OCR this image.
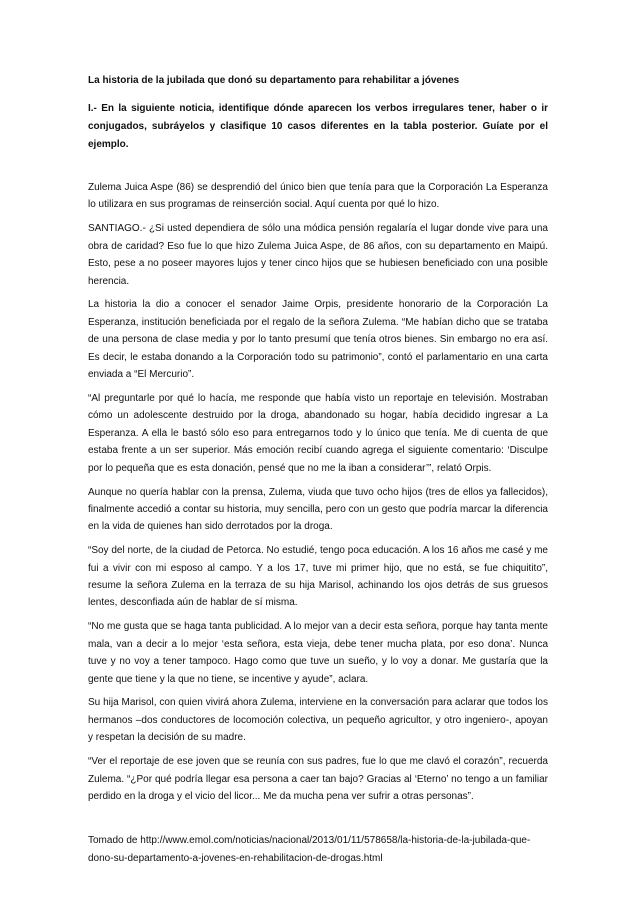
La historia de la jubilada que donó su departamento para rehabilitar a jóvenes

I.- En la siguiente noticia, identifique dónde aparecen los verbos irregulares tener, haber o ir conjugados, subráyelos y clasifique 10 casos diferentes en la tabla posterior. Guíate por el ejemplo.

Zulema Juica Aspe (86) se desprendió del único bien que tenía para que la Corporación La Esperanza lo utilizara en sus programas de reinserción social. Aquí cuenta por qué lo hizo.

SANTIAGO.- ¿Si usted dependiera de sólo una módica pensión regalaría el lugar donde vive para una obra de caridad? Eso fue lo que hizo Zulema Juica Aspe, de 86 años, con su departamento en Maipú. Esto, pese a no poseer mayores lujos y tener cinco hijos que se hubiesen beneficiado con una posible herencia.

La historia la dio a conocer el senador Jaime Orpis, presidente honorario de la Corporación La Esperanza, institución beneficiada por el regalo de la señora Zulema. “Me habían dicho que se trataba de una persona de clase media y por lo tanto presumí que tenía otros bienes. Sin embargo no era así. Es decir, le estaba donando a la Corporación todo su patrimonio”, contó el parlamentario en una carta enviada a “El Mercurio”.

“Al preguntarle por qué lo hacía, me responde que había visto un reportaje en televisión. Mostraban cómo un adolescente destruido por la droga, abandonado su hogar, había decidido ingresar a La Esperanza. A ella le bastó sólo eso para entregarnos todo y lo único que tenía. Me di cuenta de que estaba frente a un ser superior. Más emoción recibí cuando agrega el siguiente comentario: ‘Disculpe por lo pequeña que es esta donación, pensé que no me la iban a considerar’”, relató Orpis.

Aunque no quería hablar con la prensa, Zulema, viuda que tuvo ocho hijos (tres de ellos ya fallecidos), finalmente accedió a contar su historia, muy sencilla, pero con un gesto que podría marcar la diferencia en la vida de quienes han sido derrotados por la droga.

“Soy del norte, de la ciudad de Petorca. No estudié, tengo poca educación. A los 16 años me casé y me fui a vivir con mi esposo al campo. Y a los 17, tuve mi primer hijo, que no está, se fue chiquitito”, resume la señora Zulema en la terraza de su hija Marisol, achinando los ojos detrás de sus gruesos lentes, desconfiada aún de hablar de sí misma.

“No me gusta que se haga tanta publicidad. A lo mejor van a decir esta señora, porque hay tanta mente mala, van a decir a lo mejor ‘esta señora, esta vieja, debe tener mucha plata, por eso dona’. Nunca tuve y no voy a tener tampoco. Hago como que tuve un sueño, y lo voy a donar. Me gustaría que la gente que tiene y la que no tiene, se incentive y ayude”, aclara.

Su hija Marisol, con quien vivirá ahora Zulema, interviene en la conversación para aclarar que todos los hermanos –dos conductores de locomoción colectiva, un pequeño agricultor, y otro ingeniero-, apoyan y respetan la decisión de su madre.

“Ver el reportaje de ese joven que se reunía con sus padres, fue lo que me clavó el corazón”, recuerda Zulema. “¿Por qué podría llegar esa persona a caer tan bajo? Gracias al ‘Eterno’ no tengo a un familiar perdido en la droga y el vicio del licor... Me da mucha pena ver sufrir a otras personas”.

Tomado de http://www.emol.com/noticias/nacional/2013/01/11/578658/la-historia-de-la-jubilada-que-dono-su-departamento-a-jovenes-en-rehabilitacion-de-drogas.html
